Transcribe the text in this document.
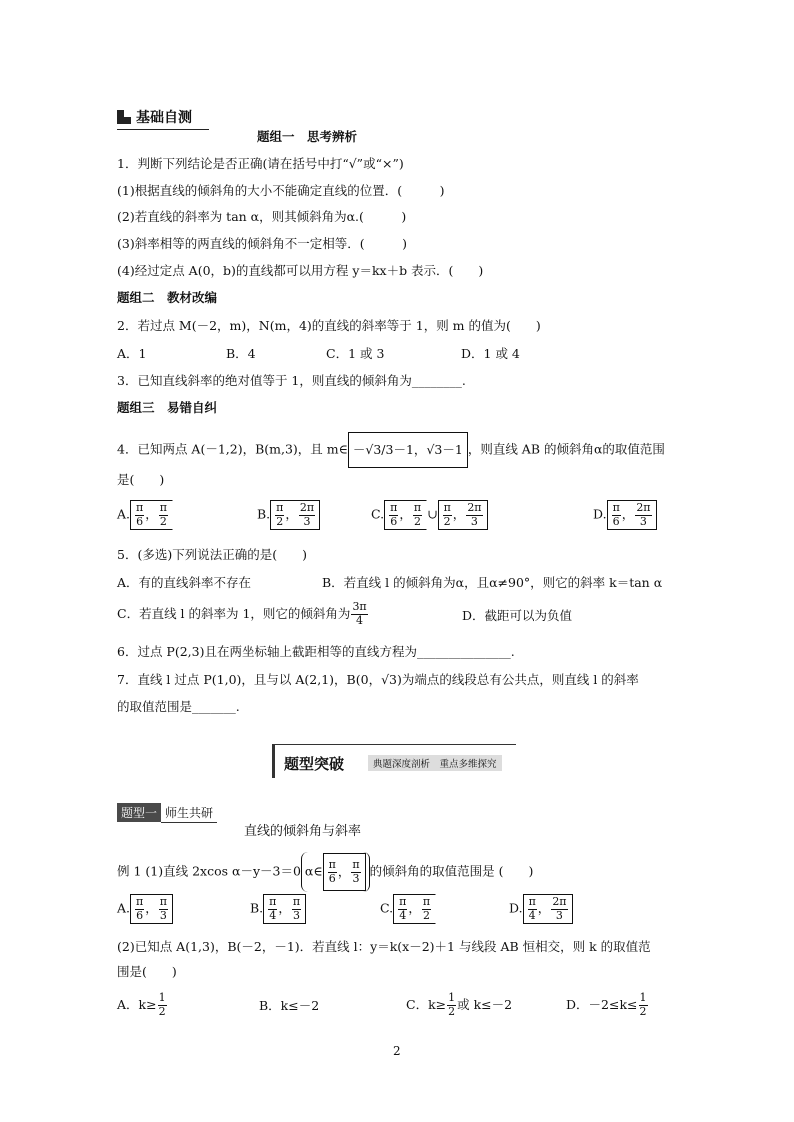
基础自测
题组一　思考辨析
1．判断下列结论是否正确(请在括号中打“√”或“×”)
(1)根据直线的倾斜角的大小不能确定直线的位置．(　　　)
(2)若直线的斜率为 tan α，则其倾斜角为α.(　　　)
(3)斜率相等的两直线的倾斜角不一定相等．(　　　)
(4)经过定点 A(0，b)的直线都可以用方程 y＝kx＋b 表示．(　　)
题组二　教材改编
2．若过点 M(－2，m)，N(m，4)的直线的斜率等于 1，则 m 的值为(　　)
A．1	B．4	C．1 或 3	D．1 或 4
3．已知直线斜率的绝对值等于 1，则直线的倾斜角为________.
题组三　易错自纠
4．已知两点 A(－1,2)，B(m,3)，且 m∈ －√3/3－1，√3－1 ，则直线 AB 的倾斜角α的取值范围
是(　　)
A. $\frac{\pi}{6}$ ， $\frac{\pi}{2}$	B. $\frac{\pi}{2}$ ， $\frac{2\pi}{3}$	C. $\frac{\pi}{6}$ ， $\frac{\pi}{2}$ ∪ $\frac{\pi}{2}$ ， $\frac{2\pi}{3}$	D. $\frac{\pi}{6}$ ， $\frac{2\pi}{3}$
5．(多选)下列说法正确的是(　　)
A．有的直线斜率不存在	B．若直线 l 的倾斜角为α，且α≠90°，则它的斜率 k＝tan α
C．若直线 l 的斜率为 1，则它的倾斜角为 $\frac{3\pi}{4}$	D．截距可以为负值
6．过点 P(2,3)且在两坐标轴上截距相等的直线方程为_______________.
7．直线 l 过点 P(1,0)，且与以 A(2,1)，B(0，√3)为端点的线段总有公共点，则直线 l 的斜率
的取值范围是_______.
题型突破	典题深度剖析　重点多维探究
题型一 师生共研
直线的倾斜角与斜率
例 1 (1)直线 2xcos α－y－3＝0 α∈ $\frac{\pi}{6}$ ， $\frac{\pi}{3}$ 的倾斜角的取值范围是 (　　)
A. $\frac{\pi}{6}$ ， $\frac{\pi}{3}$	B. $\frac{\pi}{4}$ ， $\frac{\pi}{3}$	C. $\frac{\pi}{4}$ ， $\frac{\pi}{2}$	D. $\frac{\pi}{4}$ ， $\frac{2\pi}{3}$
(2)已知点 A(1,3)，B(－2，－1)．若直线 l：y＝k(x－2)＋1 与线段 AB 恒相交，则 k 的取值范
围是(　　)
A．$k\ge \frac{1}{2}$	B．k≤－2	C．$k\ge \frac{1}{2}$ 或 k≤－2	D．$-2\le k\le \frac{1}{2}$
2
